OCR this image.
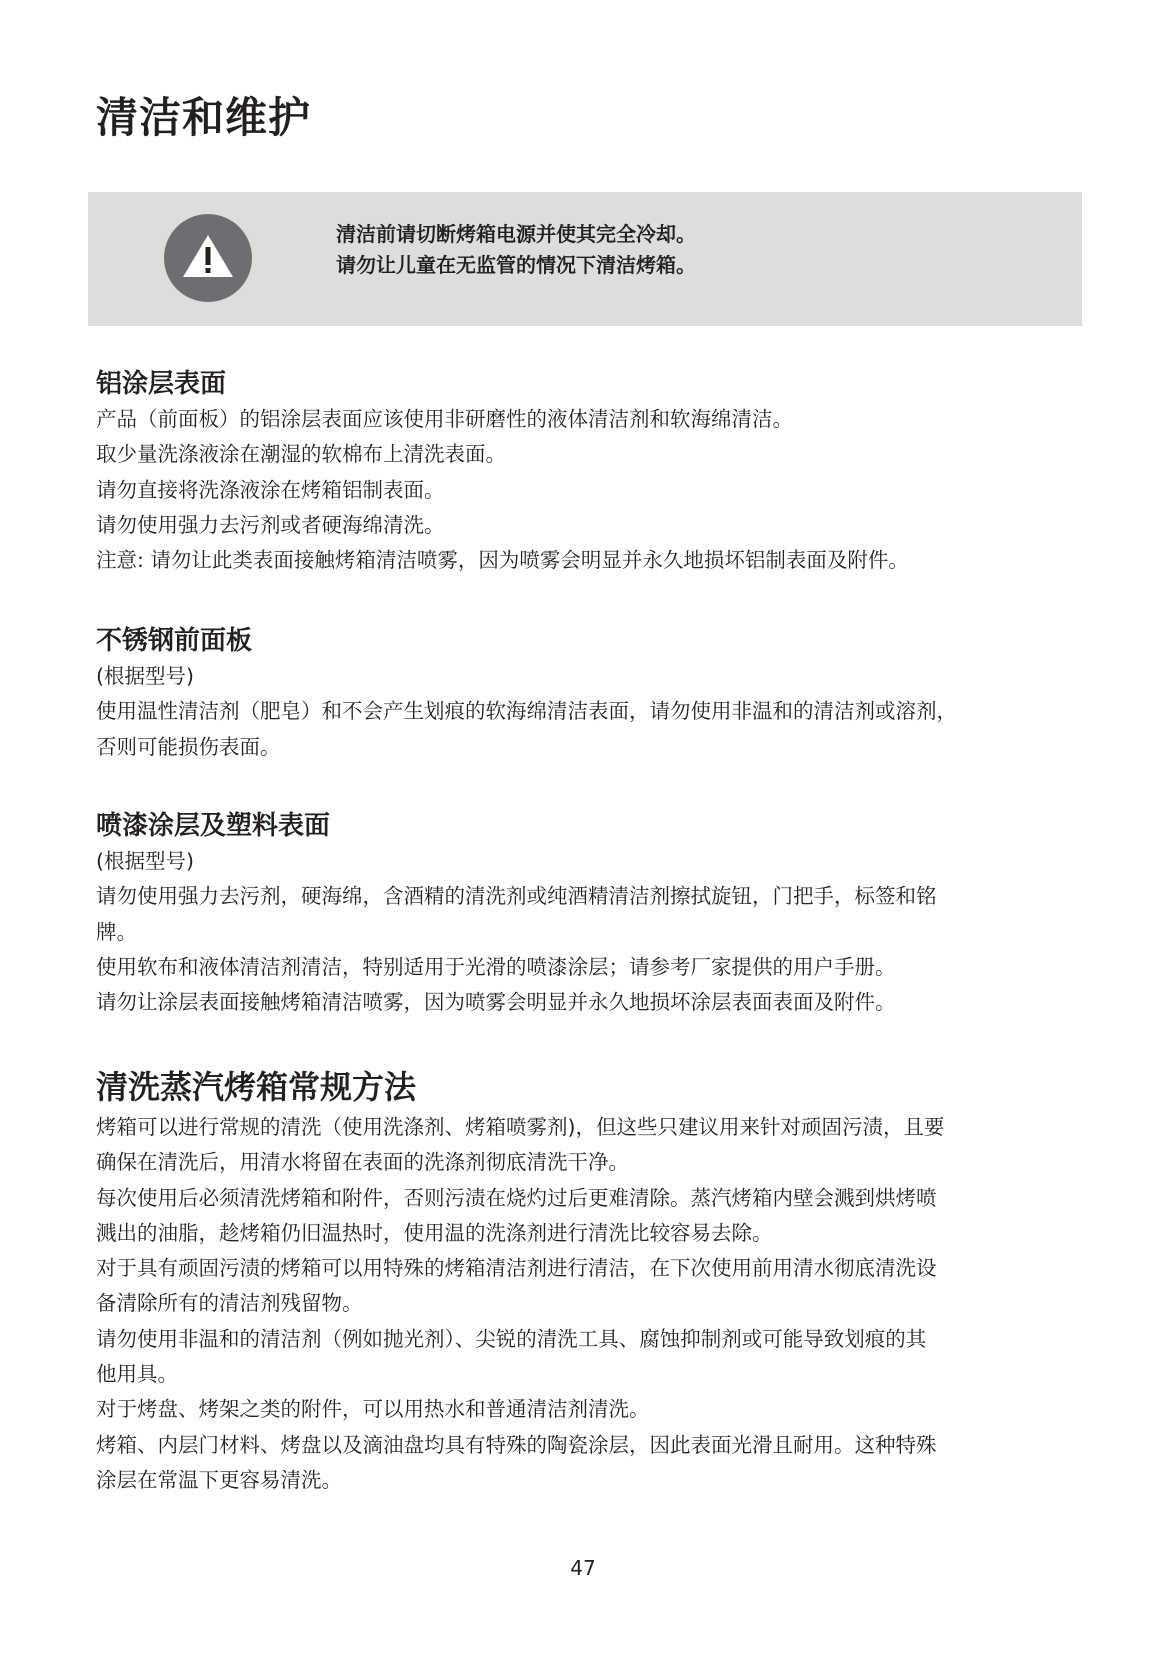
清洁和维护
清洁前请切断烤箱电源并使其完全冷却。
请勿让儿童在无监管的情况下清洁烤箱。
铝涂层表面

产品（前面板）的铝涂层表面应该使用非研磨性的液体清洁剂和软海绵清洁。

取少量洗涤液涂在潮湿的软棉布上清洗表面。

请勿直接将洗涤液涂在烤箱铝制表面。

请勿使用强力去污剂或者硬海绵清洗。

注意: 请勿让此类表面接触烤箱清洁喷雾，因为喷雾会明显并永久地损坏铝制表面及附件。

不锈钢前面板

(根据型号)

使用温性清洁剂（肥皂）和不会产生划痕的软海绵清洁表面，请勿使用非温和的清洁剂或溶剂，

否则可能损伤表面。

喷漆涂层及塑料表面

(根据型号)

请勿使用强力去污剂，硬海绵，含酒精的清洗剂或纯酒精清洁剂擦拭旋钮，门把手，标签和铭

牌。

使用软布和液体清洁剂清洁，特别适用于光滑的喷漆涂层；请参考厂家提供的用户手册。

请勿让涂层表面接触烤箱清洁喷雾，因为喷雾会明显并永久地损坏涂层表面表面及附件。

清洗蒸汽烤箱常规方法

烤箱可以进行常规的清洗（使用洗涤剂、烤箱喷雾剂)，但这些只建议用来针对顽固污渍，且要

确保在清洗后，用清水将留在表面的洗涤剂彻底清洗干净。

每次使用后必须清洗烤箱和附件，否则污渍在烧灼过后更难清除。蒸汽烤箱内壁会溅到烘烤喷

溅出的油脂，趁烤箱仍旧温热时，使用温的洗涤剂进行清洗比较容易去除。

对于具有顽固污渍的烤箱可以用特殊的烤箱清洁剂进行清洁，在下次使用前用清水彻底清洗设

备清除所有的清洁剂残留物。

请勿使用非温和的清洁剂（例如抛光剂）、尖锐的清洗工具、腐蚀抑制剂或可能导致划痕的其

他用具。

对于烤盘、烤架之类的附件，可以用热水和普通清洁剂清洗。

烤箱、内层门材料、烤盘以及滴油盘均具有特殊的陶瓷涂层，因此表面光滑且耐用。这种特殊

涂层在常温下更容易清洗。

47
